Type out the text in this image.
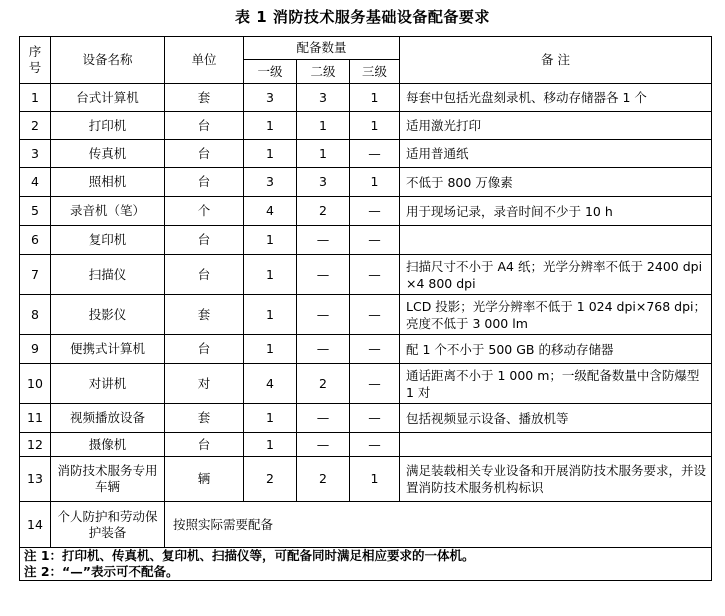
表 1 消防技术服务基础设备配备要求
序号	设备名称	单位	配备数量			备 注
			一级	二级	三级	
1	台式计算机	套	3	3	1	每套中包括光盘刻录机、移动存储器各 1 个
2	打印机	台	1	1	1	适用激光打印
3	传真机	台	1	1	—	适用普通纸
4	照相机	台	3	3	1	不低于 800 万像素
5	录音机（笔）	个	4	2	—	用于现场记录，录音时间不少于 10 h
6	复印机	台	1	—	—	
7	扫描仪	台	1	—	—	扫描尺寸不小于 A4 纸；光学分辨率不低于 2400 dpi ×4 800 dpi
8	投影仪	套	1	—	—	LCD 投影；光学分辨率不低于 1 024 dpi×768 dpi；亮度不低于 3 000 lm
9	便携式计算机	台	1	—	—	配 1 个不小于 500 GB 的移动存储器
10	对讲机	对	4	2	—	通话距离不小于 1 000 m；一级配备数量中含防爆型 1 对
11	视频播放设备	套	1	—	—	包括视频显示设备、播放机等
12	摄像机	台	1	—	—	
13	消防技术服务专用车辆	辆	2	2	1	满足装载相关专业设备和开展消防技术服务要求，并设置消防技术服务机构标识
14	个人防护和劳动保护装备	按照实际需要配备				
注 1：打印机、传真机、复印机、扫描仪等，可配备同时满足相应要求的一体机。						
注 2：“—”表示可不配备。						
